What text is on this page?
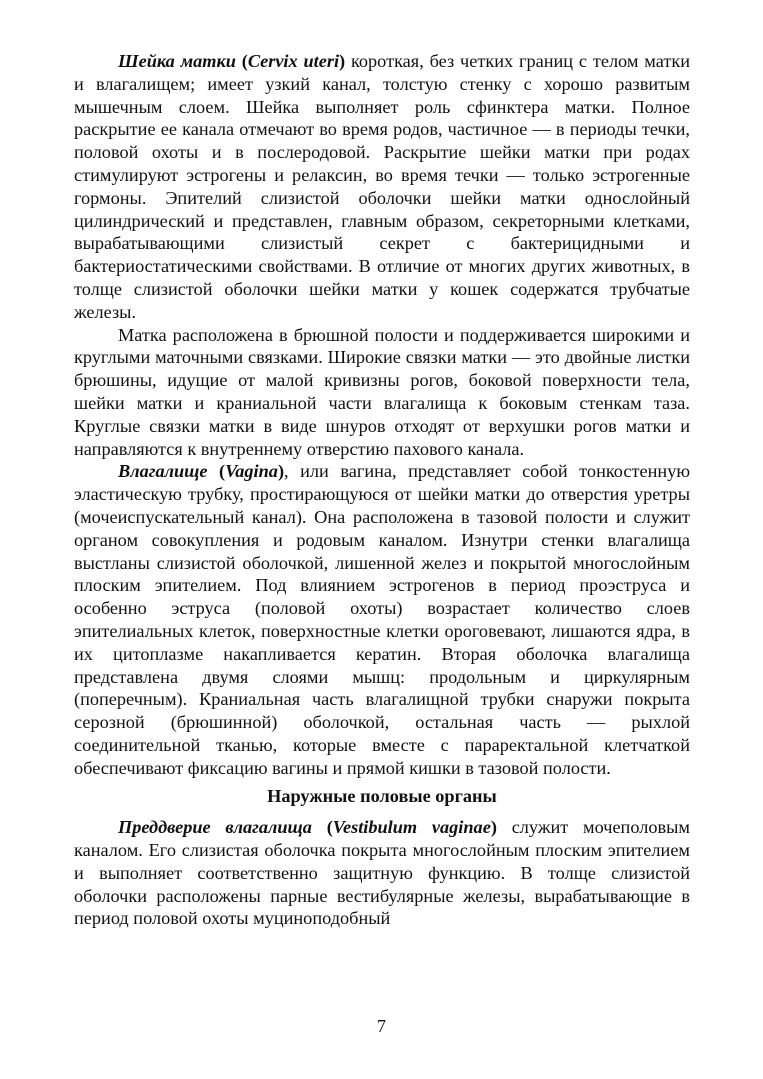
Шейка матки (Cervix uteri) короткая, без четких границ с телом матки и влагалищем; имеет узкий канал, толстую стенку с хорошо развитым мышечным слоем. Шейка выполняет роль сфинктера матки. Полное раскрытие ее канала отмечают во время родов, частичное — в периоды течки, половой охоты и в послеродовой. Раскрытие шейки матки при родах стимулируют эстрогены и релаксин, во время течки — только эстрогенные гормоны. Эпителий слизистой оболочки шейки матки однослойный цилиндрический и представлен, главным образом, секреторными клетками, вырабатывающими слизистый секрет с бактерицидными и бактериостатическими свойствами. В отличие от многих других животных, в толще слизистой оболочки шейки матки у кошек содержатся трубчатые железы.

Матка расположена в брюшной полости и поддерживается широкими и круглыми маточными связками. Широкие связки матки — это двойные листки брюшины, идущие от малой кривизны рогов, боковой поверхности тела, шейки матки и краниальной части влагалища к боковым стенкам таза. Круглые связки матки в виде шнуров отходят от верхушки рогов матки и направляются к внутреннему отверстию пахового канала.

Влагалище (Vagina), или вагина, представляет собой тонкостенную эластическую трубку, простирающуюся от шейки матки до отверстия уретры (мочеиспускательный канал). Она расположена в тазовой полости и служит органом совокупления и родовым каналом. Изнутри стенки влагалища выстланы слизистой оболочкой, лишенной желез и покрытой многослойным плоским эпителием. Под влиянием эстрогенов в период проэструса и особенно эструса (половой охоты) возрастает количество слоев эпителиальных клеток, поверхностные клетки ороговевают, лишаются ядра, в их цитоплазме накапливается кератин. Вторая оболочка влагалища представлена двумя слоями мышц: продольным и циркулярным (поперечным). Краниальная часть влагалищной трубки снаружи покрыта серозной (брюшинной) оболочкой, остальная часть — рыхлой соединительной тканью, которые вместе с параректальной клетчаткой обеспечивают фиксацию вагины и прямой кишки в тазовой полости.

Наружные половые органы

Преддверие влагалища (Vestibulum vaginae) служит мочеполовым каналом. Его слизистая оболочка покрыта многослойным плоским эпителием и выполняет соответственно защитную функцию. В толще слизистой оболочки расположены парные вестибулярные железы, вырабатывающие в период половой охоты муциноподобный

7
